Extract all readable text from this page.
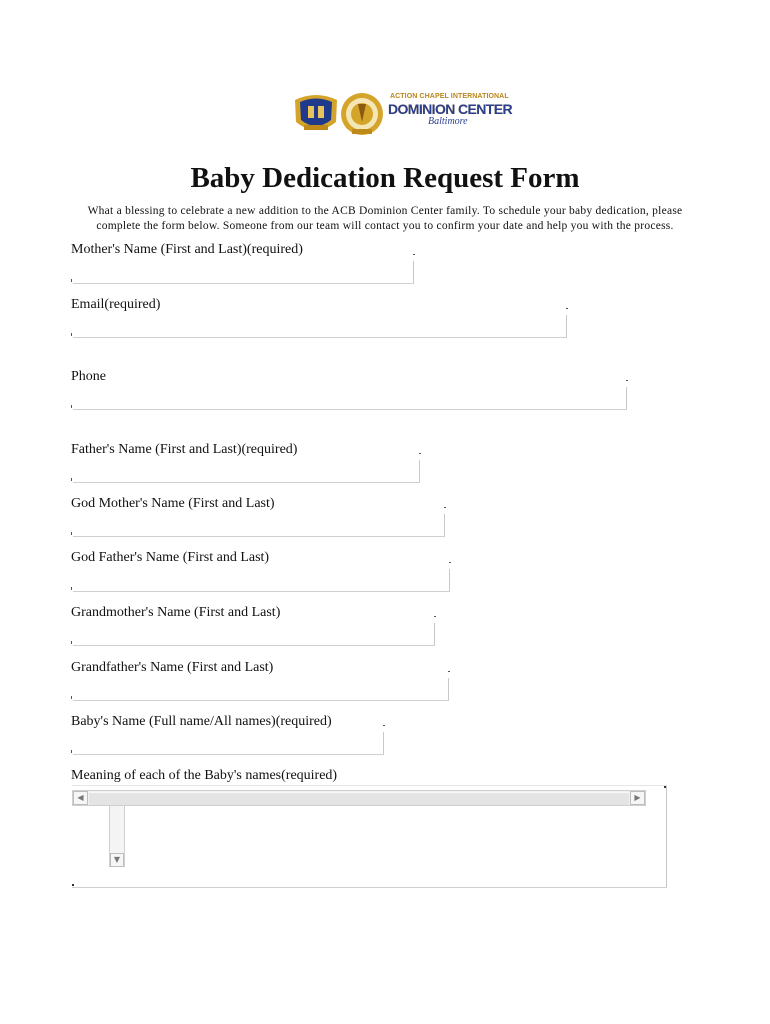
ACTION CHAPEL INTERNATIONAL
DOMINION CENTER
Baltimore
Baby Dedication Request Form

What a blessing to celebrate a new addition to the ACB Dominion Center family. To schedule your baby dedication, please
complete the form below. Someone from our team will contact you to confirm your date and help you with the process.

Mother's Name (First and Last)(required)
Email(required)
Phone
Father's Name (First and Last)(required)
God Mother's Name (First and Last)
God Father's Name (First and Last)
Grandmother's Name (First and Last)
Grandfather's Name (First and Last)
Baby's Name (Full name/All names)(required)
Meaning of each of the Baby's names(required)
◀	▶
▼
